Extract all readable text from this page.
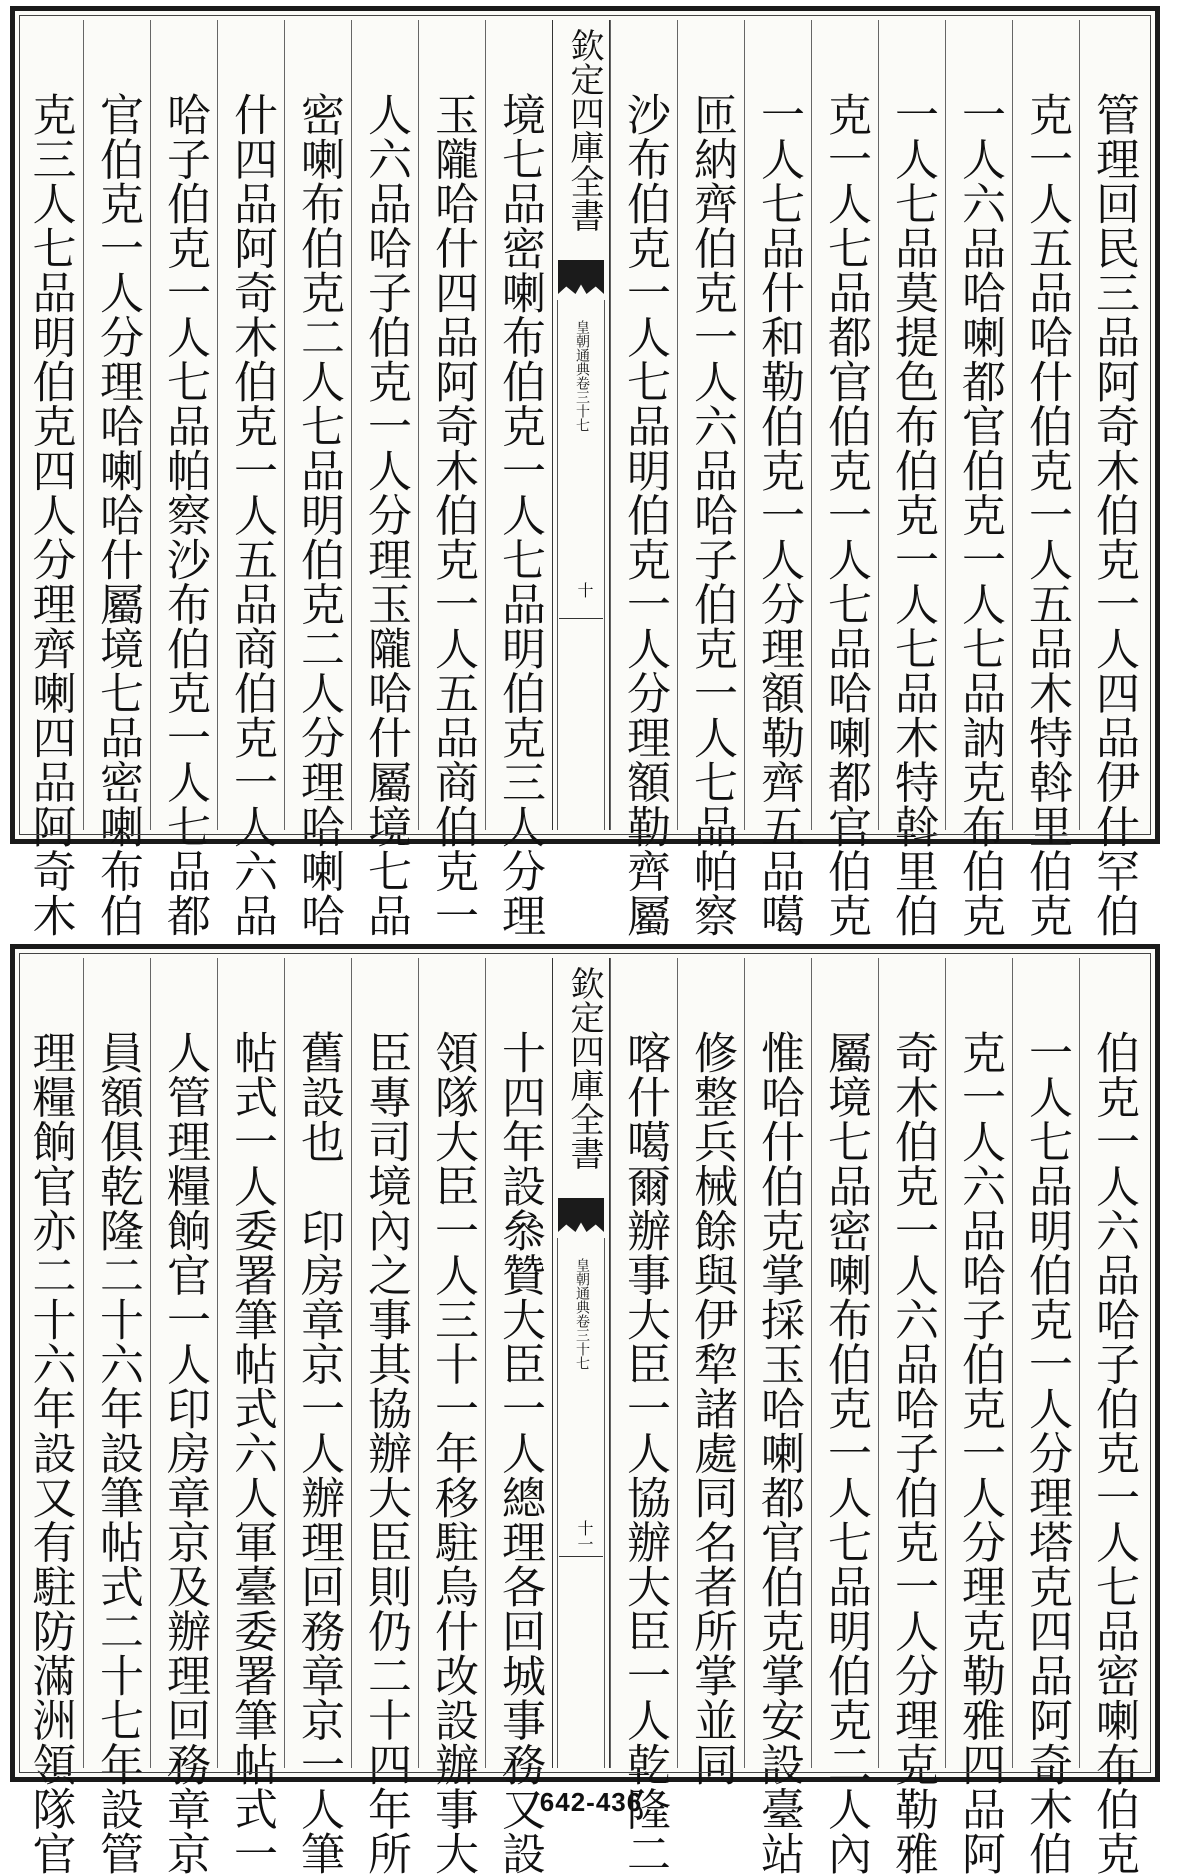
管理回民三品阿奇木伯克一人四品伊什罕伯
克一人五品哈什伯克一人五品木特斡里伯克
一人六品哈喇都官伯克一人七品訥克布伯克
一人七品莫提色布伯克一人七品木特斡里伯
克一人七品都官伯克一人七品哈喇都官伯克
一人七品什和勒伯克一人分理額勒齊五品噶
匝納齊伯克一人六品哈子伯克一人七品帕察
沙布伯克一人七品明伯克一人分理額勒齊屬
欽定四庫全書
皇朝通典卷三十七
十
境七品密喇布伯克一人七品明伯克三人分理
玉隴哈什四品阿奇木伯克一人五品商伯克一
人六品哈子伯克一人分理玉隴哈什屬境七品
密喇布伯克二人七品明伯克二人分理哈喇哈
什四品阿奇木伯克一人五品商伯克一人六品
哈子伯克一人七品帕察沙布伯克一人七品都
官伯克一人分理哈喇哈什屬境七品密喇布伯
克三人七品明伯克四人分理齊喇四品阿奇木
伯克一人六品哈子伯克一人七品密喇布伯克
一人七品明伯克一人分理塔克四品阿奇木伯
克一人六品哈子伯克一人分理克勒雅四品阿
奇木伯克一人六品哈子伯克一人分理克勒雅
屬境七品密喇布伯克一人七品明伯克二人內
惟哈什伯克掌採玉哈喇都官伯克掌安設臺站
修整兵械餘與伊犂諸處同名者所掌並同
喀什噶爾辦事大臣一人協辦大臣一人乾隆二
欽定四庫全書
皇朝通典卷三十七
十一
十四年設叅贊大臣一人總理各回城事務又設
領隊大臣一人三十一年移駐烏什改設辦事大
臣專司境內之事其協辦大臣則仍二十四年所
舊設也　印房章京一人辦理回務章京一人筆
帖式一人委署筆帖式六人軍臺委署筆帖式一
人管理糧餉官一人印房章京及辦理回務章京
員額俱乾隆二十六年設筆帖式二十七年設管
理糧餉官亦二十六年設又有駐防滿洲領隊官	642-436
